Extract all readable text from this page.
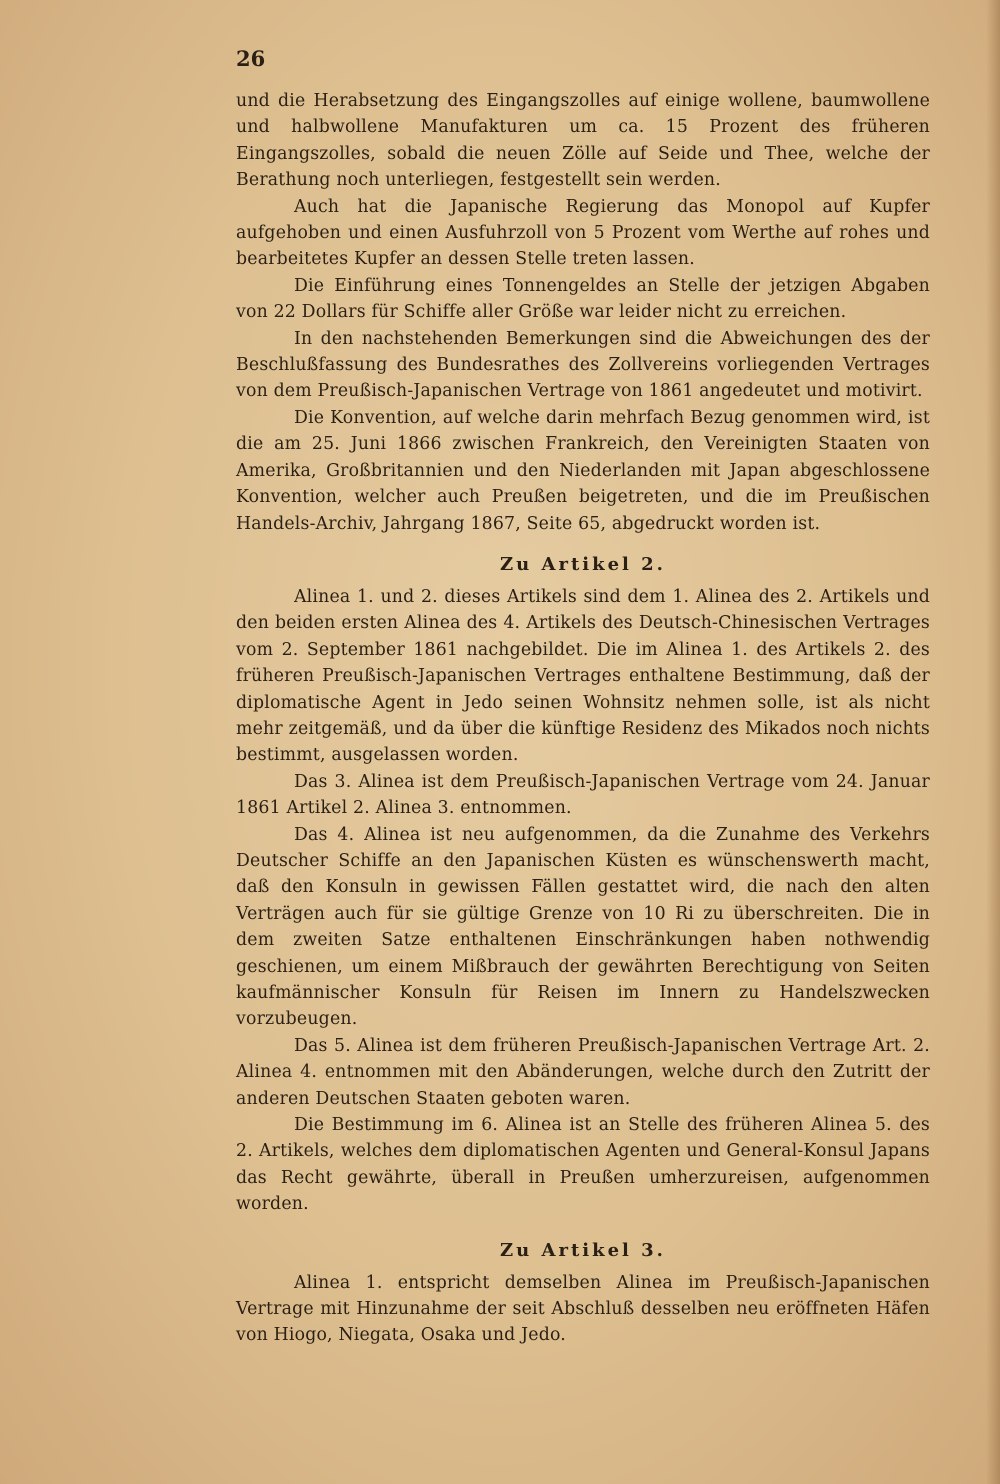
26

und die Herabsetzung des Eingangszolles auf einige wollene, baumwollene und halbwollene Manufakturen um ca. 15 Prozent des früheren Eingangszolles, sobald die neuen Zölle auf Seide und Thee, welche der Berathung noch unterliegen, festgestellt sein werden.

Auch hat die Japanische Regierung das Monopol auf Kupfer aufgehoben und einen Ausfuhrzoll von 5 Prozent vom Werthe auf rohes und bearbeitetes Kupfer an dessen Stelle treten lassen.

Die Einführung eines Tonnengeldes an Stelle der jetzigen Abgaben von 22 Dollars für Schiffe aller Größe war leider nicht zu erreichen.

In den nachstehenden Bemerkungen sind die Abweichungen des der Beschlußfassung des Bundesrathes des Zollvereins vorliegenden Vertrages von dem Preußisch-Japanischen Vertrage von 1861 angedeutet und motivirt.

Die Konvention, auf welche darin mehrfach Bezug genommen wird, ist die am 25. Juni 1866 zwischen Frankreich, den Vereinigten Staaten von Amerika, Großbritannien und den Niederlanden mit Japan abgeschlossene Konvention, welcher auch Preußen beigetreten, und die im Preußischen Handels-Archiv, Jahrgang 1867, Seite 65, abgedruckt worden ist.

Zu Artikel 2.

Alinea 1. und 2. dieses Artikels sind dem 1. Alinea des 2. Artikels und den beiden ersten Alinea des 4. Artikels des Deutsch-Chinesischen Vertrages vom 2. September 1861 nachgebildet. Die im Alinea 1. des Artikels 2. des früheren Preußisch-Japanischen Vertrages enthaltene Bestimmung, daß der diplomatische Agent in Jedo seinen Wohnsitz nehmen solle, ist als nicht mehr zeitgemäß, und da über die künftige Residenz des Mikados noch nichts bestimmt, ausgelassen worden.

Das 3. Alinea ist dem Preußisch-Japanischen Vertrage vom 24. Januar 1861 Artikel 2. Alinea 3. entnommen.

Das 4. Alinea ist neu aufgenommen, da die Zunahme des Verkehrs Deutscher Schiffe an den Japanischen Küsten es wünschenswerth macht, daß den Konsuln in gewissen Fällen gestattet wird, die nach den alten Verträgen auch für sie gültige Grenze von 10 Ri zu überschreiten. Die in dem zweiten Satze enthaltenen Einschränkungen haben nothwendig geschienen, um einem Mißbrauch der gewährten Berechtigung von Seiten kaufmännischer Konsuln für Reisen im Innern zu Handelszwecken vorzubeugen.

Das 5. Alinea ist dem früheren Preußisch-Japanischen Vertrage Art. 2. Alinea 4. entnommen mit den Abänderungen, welche durch den Zutritt der anderen Deutschen Staaten geboten waren.

Die Bestimmung im 6. Alinea ist an Stelle des früheren Alinea 5. des 2. Artikels, welches dem diplomatischen Agenten und General-Konsul Japans das Recht gewährte, überall in Preußen umherzureisen, aufgenommen worden.

Zu Artikel 3.

Alinea 1. entspricht demselben Alinea im Preußisch-Japanischen Vertrage mit Hinzunahme der seit Abschluß desselben neu eröffneten Häfen von Hiogo, Niegata, Osaka und Jedo.
